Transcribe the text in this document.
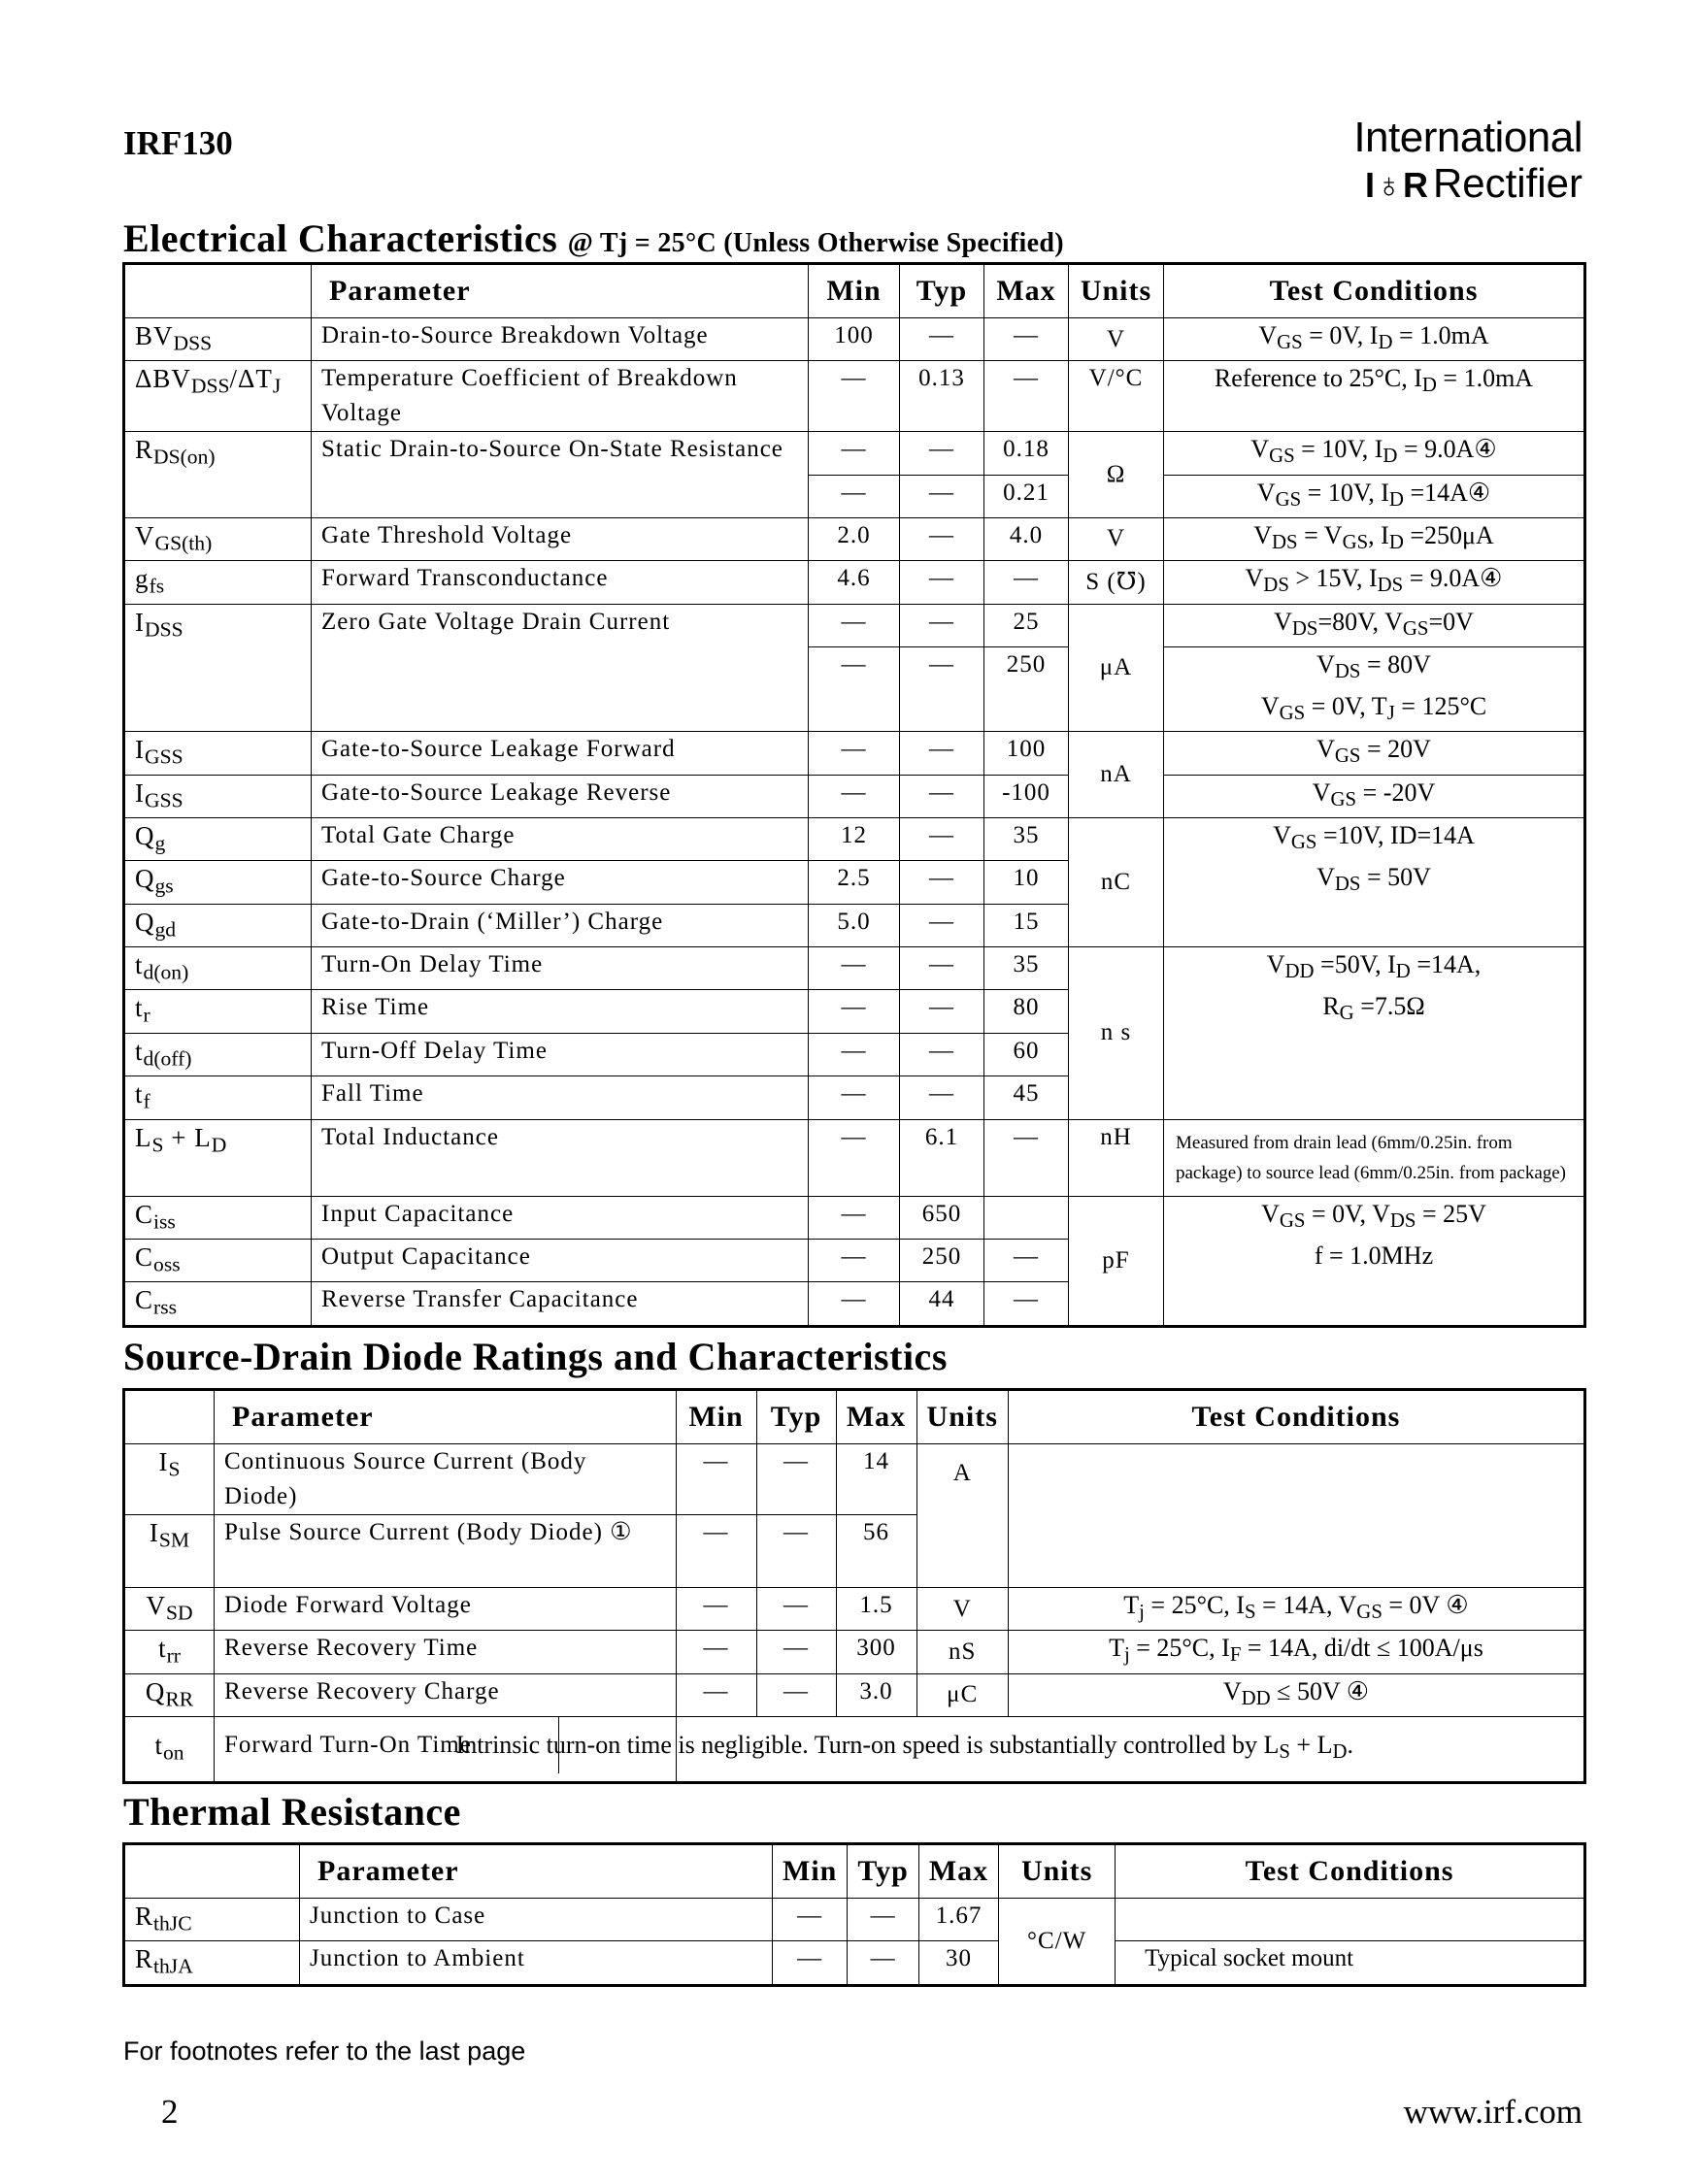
IRF130	International
I♁RRectifier
Electrical Characteristics @ Tj = 25°C (Unless Otherwise Specified)
	Parameter	Min	Typ	Max	Units	Test Conditions
$BV_{DSS}$	Drain-to-Source Breakdown Voltage	100	—	—	V	$V_{GS} = 0V$, $I_D = 1.0mA$
$\Delta BV_{DSS}/\Delta T_J$	Temperature Coefficient of Breakdown Voltage	—	0.13	—	V/°C	Reference to 25°C, $I_D = 1.0mA$
$R_{DS(on)}$	Static Drain-to-Source On-State Resistance	—	—	0.18	Ω	$V_{GS} = 10V$, $I_D$ = 9.0A④
		—	—	0.21		$V_{GS} = 10V$, $I_D$ =14A④
$V_{GS(th)}$	Gate Threshold Voltage	2.0	—	4.0	V	$V_{DS} = V_{GS}$, $I_D =250\mu A$
$g_{fs}$	Forward Transconductance	4.6	—	—	S (℧)	$V_{DS} > 15V$, $I_{DS}$ = 9.0A④
$I_{DSS}$	Zero Gate Voltage Drain Current	—	—	25	μA	$V_{DS}=80V$, $V_{GS}=0V$
		—	—	250		$V_{DS} = 80V$
$V_{GS} = 0V$, $T_J = 125^\circ C$
$I_{GSS}$	Gate-to-Source Leakage Forward	—	—	100	nA	$V_{GS} = 20V$
$I_{GSS}$	Gate-to-Source Leakage Reverse	—	—	-100		$V_{GS} = -20V$
$Q_g$	Total Gate Charge	12	—	35	nC	$V_{GS} =10V$, ID=14A
$V_{DS} = 50V$
$Q_{gs}$	Gate-to-Source Charge	2.5	—	10		
$Q_{gd}$	Gate-to-Drain (‘Miller’) Charge	5.0	—	15		
$t_{d(on)}$	Turn-On Delay Time	—	—	35	n s	$V_{DD} =50V$, $I_D =14A$,
$R_G =7.5\Omega$
$t_r$	Rise Time	—	—	80		
$t_{d(off)}$	Turn-Off Delay Time	—	—	60		
$t_f$	Fall Time	—	—	45		
$L_S + L_D$	Total Inductance	—	6.1	—	nH	Measured from drain lead (6mm/0.25in. from package) to source lead (6mm/0.25in. from package)
$C_{iss}$	Input Capacitance	—	650		pF	$V_{GS} = 0V$, $V_{DS} = 25V$
f = 1.0MHz
$C_{oss}$	Output Capacitance	—	250	—		
$C_{rss}$	Reverse Transfer Capacitance	—	44	—		
Source-Drain Diode Ratings and Characteristics
	Parameter	Min	Typ	Max	Units	Test Conditions
$I_S$	Continuous Source Current (Body Diode)	—	—	14	A	
$I_{SM}$	Pulse Source Current (Body Diode) ①	—	—	56
$V_{SD}$	Diode Forward Voltage	—	—	1.5	V	$T_j = 25^\circ C$, $I_S = 14A$, $V_{GS} = 0V$ ④
$t_{rr}$	Reverse Recovery Time	—	—	300	nS	$T_j = 25^\circ C$, $I_F = 14A$, di/dt ≤ 100A/μs
$Q_{RR}$	Reverse Recovery Charge	—	—	3.0	μC	$V_{DD} \le 50V$ ④
$t_{on}$	Forward Turn-On Time	Intrinsic turn-on time is negligible. Turn-on speed is substantially controlled by $L_S + L_D$.
Thermal Resistance
	Parameter	Min	Typ	Max	Units	Test Conditions
$R_{thJC}$	Junction to Case	—	—	1.67	°C/W	
$R_{thJA}$	Junction to Ambient	—	—	30		Typical socket mount
For footnotes refer to the last page
2	www.irf.com
